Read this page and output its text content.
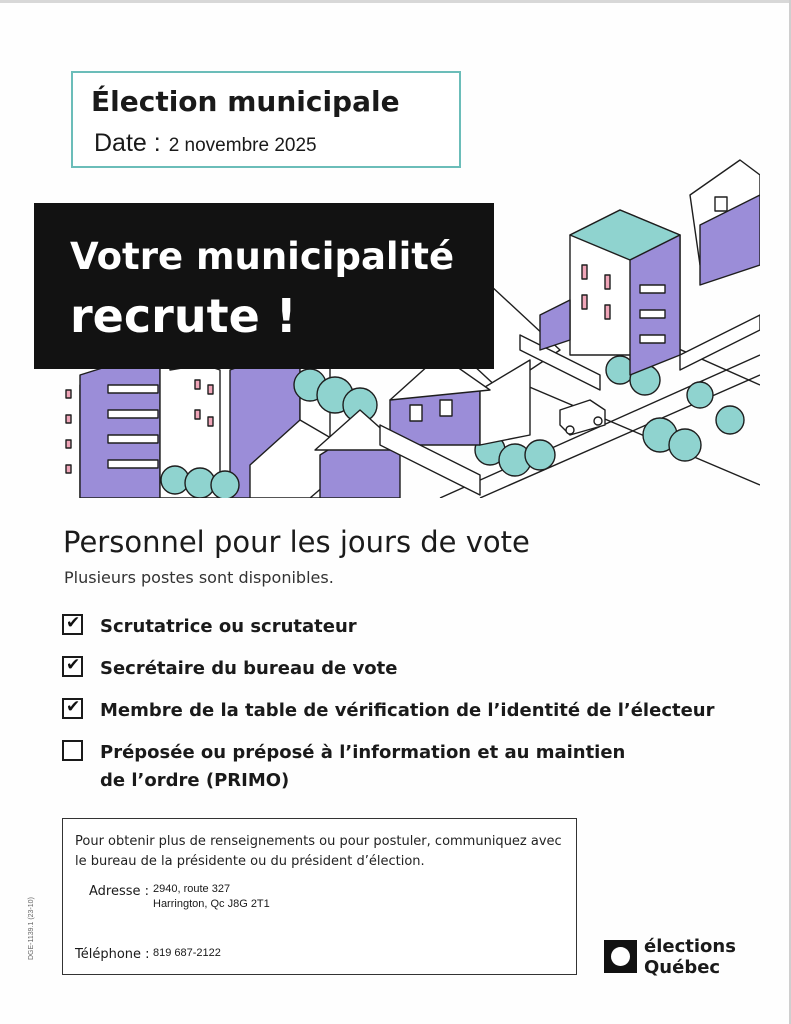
Élection municipale
Date : 2 novembre 2025
Votre municipalité
recrute !
Personnel pour les jours de vote
Plusieurs postes sont disponibles.
✔ Scrutatrice ou scrutateur
✔ Secrétaire du bureau de vote
✔ Membre de la table de vérification de l’identité de l’électeur
Préposée ou préposé à l’information et au maintien
de l’ordre (PRIMO)
Pour obtenir plus de renseignements ou pour postuler, communiquez avec le bureau de la présidente ou du président d’élection.
Adresse : 2940, route 327
Harrington, Qc J8G 2T1
Téléphone : 819 687-2122
DGE-1139.1 (23-10)	élections
Québec
